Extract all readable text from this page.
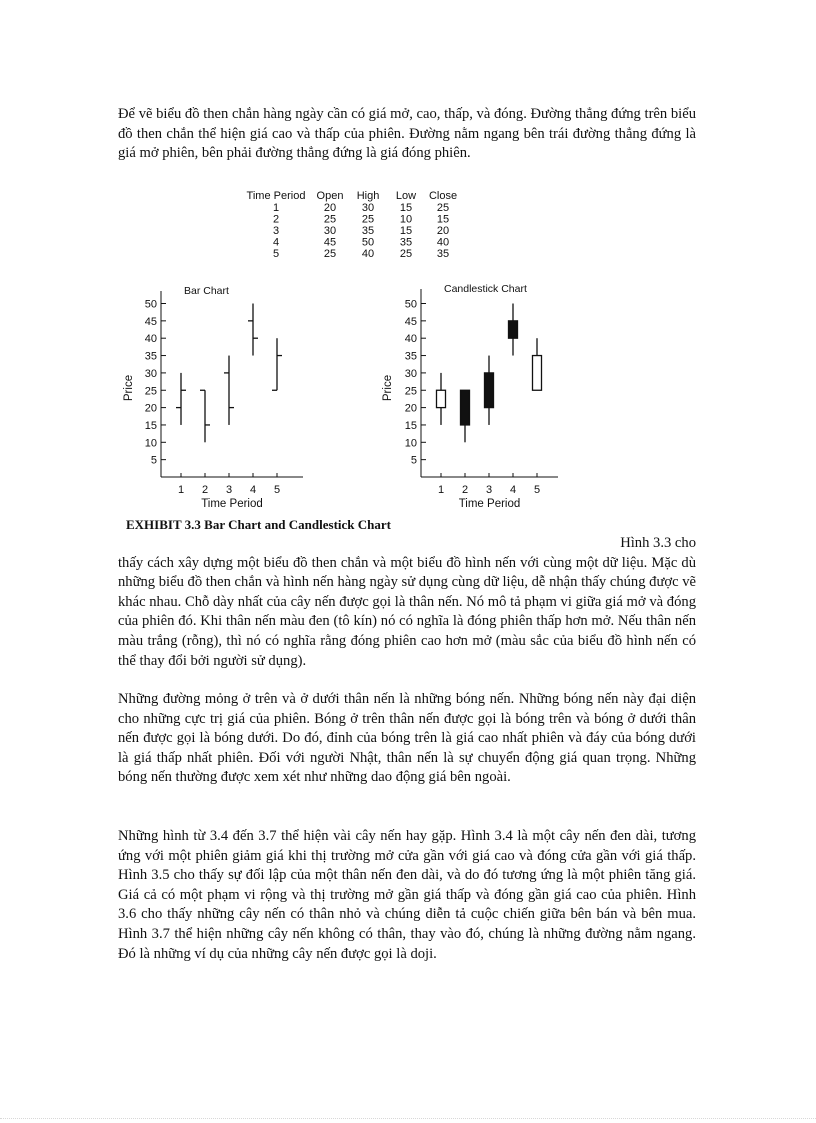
Để vẽ biểu đồ then chắn hàng ngày cần có giá mở, cao, thấp, và đóng. Đường thẳng đứng trên biểu đồ then chắn thể hiện giá cao và thấp của phiên. Đường nằm ngang bên trái đường thẳng đứng là giá mở phiên, bên phải đường thẳng đứng là giá đóng phiên.

Time Period Open High Low Close
1	20 30 15 25
2	25 25 10 15
3	30 35 15 20
4	45 50 35 40
5	25 40 25 35
Bar Chart
5
10
15
20
25
30
35
40
45
50
1 2 3 4 5
Time Period
Price
Candlestick Chart
5
10
15
20
25
30
35
40
45
50
1 2 3 4 5
Time Period
Price
EXHIBIT 3.3 Bar Chart and Candlestick Chart

Hình 3.3 cho
thấy cách xây dựng một biểu đồ then chắn và một biểu đồ hình nến với cùng một dữ liệu. Mặc dù những biểu đồ then chắn và hình nến hàng ngày sử dụng cùng dữ liệu, dễ nhận thấy chúng được vẽ khác nhau. Chỗ dày nhất của cây nến được gọi là thân nến. Nó mô tả phạm vi giữa giá mở và đóng của phiên đó. Khi thân nến màu đen (tô kín) nó có nghĩa là đóng phiên thấp hơn mở. Nếu thân nến màu trắng (rỗng), thì nó có nghĩa rằng đóng phiên cao hơn mở (màu sắc của biểu đồ hình nến có thể thay đổi bởi người sử dụng).

Những đường mỏng ở trên và ở dưới thân nến là những bóng nến. Những bóng nến này đại diện cho những cực trị giá của phiên. Bóng ở trên thân nến được gọi là bóng trên và bóng ở dưới thân nến được gọi là bóng dưới. Do đó, đỉnh của bóng trên là giá cao nhất phiên và đáy của bóng dưới là giá thấp nhất phiên. Đối với người Nhật, thân nến là sự chuyển động giá quan trọng. Những bóng nến thường được xem xét như những dao động giá bên ngoài.

Những hình từ 3.4 đến 3.7 thể hiện vài cây nến hay gặp. Hình 3.4 là một cây nến đen dài, tương ứng với một phiên giảm giá khi thị trường mở cửa gần với giá cao và đóng cửa gần với giá thấp. Hình 3.5 cho thấy sự đối lập của một thân nến đen dài, và do đó tương ứng là một phiên tăng giá. Giá cả có một phạm vi rộng và thị trường mở gần giá thấp và đóng gần giá cao của phiên. Hình 3.6 cho thấy những cây nến có thân nhỏ và chúng diễn tả cuộc chiến giữa bên bán và bên mua. Hình 3.7 thể hiện những cây nến không có thân, thay vào đó, chúng là những đường nằm ngang. Đó là những ví dụ của những cây nến được gọi là doji.
